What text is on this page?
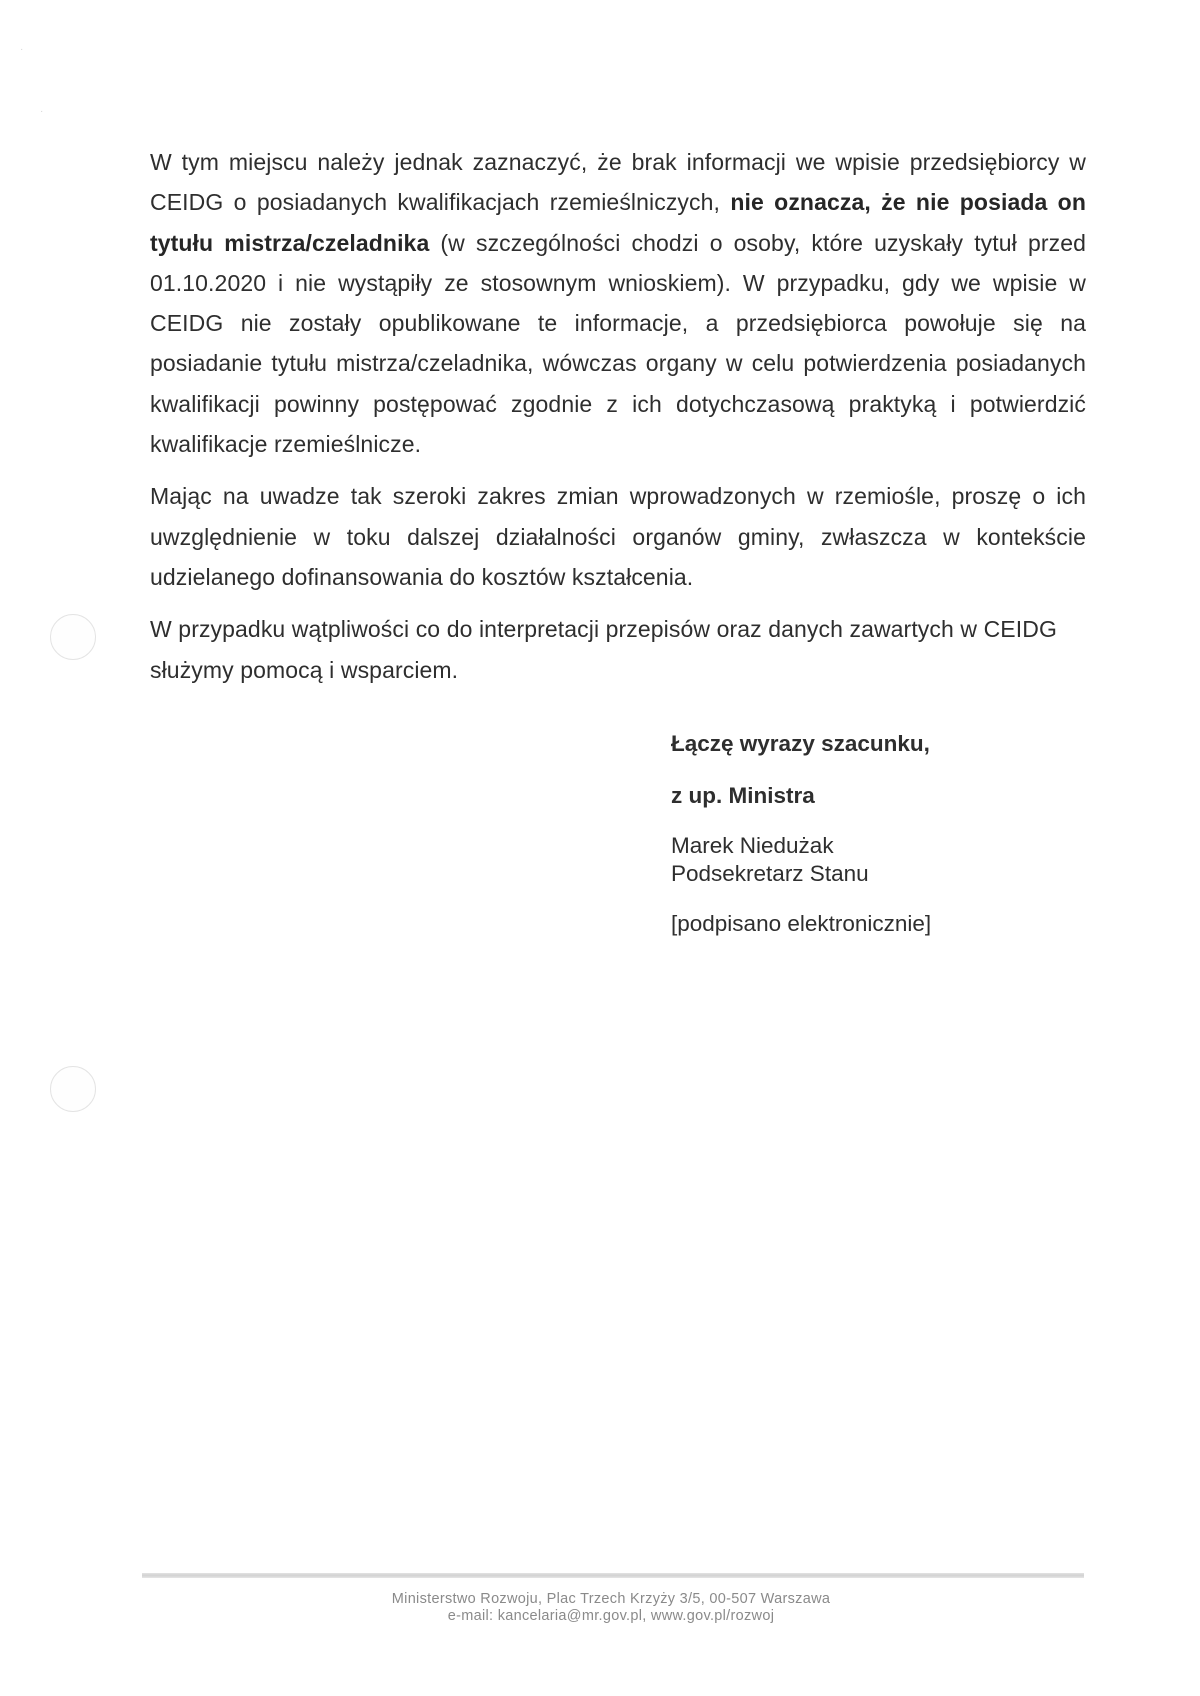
·
·

W tym miejscu należy jednak zaznaczyć, że brak informacji we wpisie przedsiębiorcy w CEIDG o posiadanych kwalifikacjach rzemieślniczych, nie oznacza, że nie posiada on tytułu mistrza/czeladnika (w szczególności chodzi o osoby, które uzyskały tytuł przed 01.10.2020 i nie wystąpiły ze stosownym wnioskiem). W przypadku, gdy we wpisie w CEIDG nie zostały opublikowane te informacje, a przedsiębiorca powołuje się na posiadanie tytułu mistrza/czeladnika, wówczas organy w celu potwierdzenia posiadanych kwalifikacji powinny postępować zgodnie z ich dotychczasową praktyką i potwierdzić kwalifikacje rzemieślnicze.

Mając na uwadze tak szeroki zakres zmian wprowadzonych w rzemiośle, proszę o ich uwzględnienie w toku dalszej działalności organów gminy, zwłaszcza w kontekście udzielanego dofinansowania do kosztów kształcenia.

W przypadku wątpliwości co do interpretacji przepisów oraz danych zawartych w CEIDG służymy pomocą i wsparciem.

Łączę wyrazy szacunku,
z up. Ministra
Marek Niedużak
Podsekretarz Stanu
[podpisano elektronicznie]
Ministerstwo Rozwoju, Plac Trzech Krzyży 3/5, 00-507 Warszawa
e-mail: kancelaria@mr.gov.pl, www.gov.pl/rozwoj
